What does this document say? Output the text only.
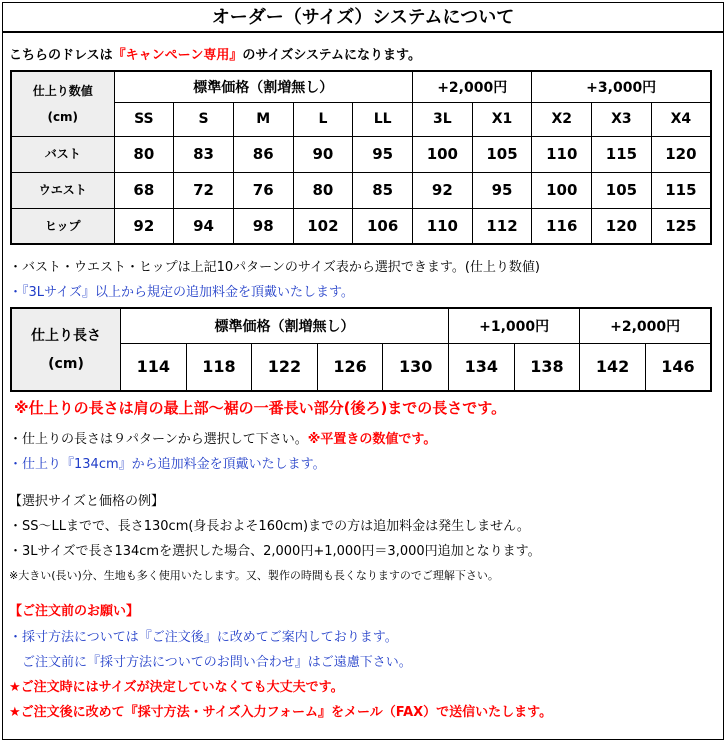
オーダー（サイズ）システムについて
こちらのドレスは『キャンペーン専用』のサイズシステムになります。
仕上り数値
(cm)	標準価格（割増無し）					+2,000円		+3,000円		
	SS	S	M	L	LL	3L	X1	X2	X3	X4
バスト	80	83	86	90	95	100	105	110	115	120
ウエスト	68	72	76	80	85	92	95	100	105	115
ヒップ	92	94	98	102	106	110	112	116	120	125
・バスト・ウエスト・ヒップは上記10パターンのサイズ表から選択できます。(仕上り数値)
・『3Lサイズ』以上から規定の追加料金を頂戴いたします。
仕上り長さ
(cm)	標準価格（割増無し）					+1,000円		+2,000円	
	114	118	122	126	130	134	138	142	146
※仕上りの長さは肩の最上部～裾の一番長い部分(後ろ)までの長さです。
・仕上りの長さは９パターンから選択して下さい。※平置きの数値です。
・仕上り『134cm』から追加料金を頂戴いたします。
【選択サイズと価格の例】
・SS～LLまでで、長さ130cm(身長およそ160cm)までの方は追加料金は発生しません。
・3Lサイズで長さ134cmを選択した場合、2,000円+1,000円＝3,000円追加となります。
※大きい(長い)分、生地も多く使用いたします。又、製作の時間も長くなりますのでご理解下さい。
【ご注文前のお願い】
・採寸方法については『ご注文後』に改めてご案内しております。
ご注文前に『採寸方法についてのお問い合わせ』はご遠慮下さい。
★ご注文時にはサイズが決定していなくても大丈夫です。
★ご注文後に改めて『採寸方法・サイズ入力フォーム』をメール（FAX）で送信いたします。
